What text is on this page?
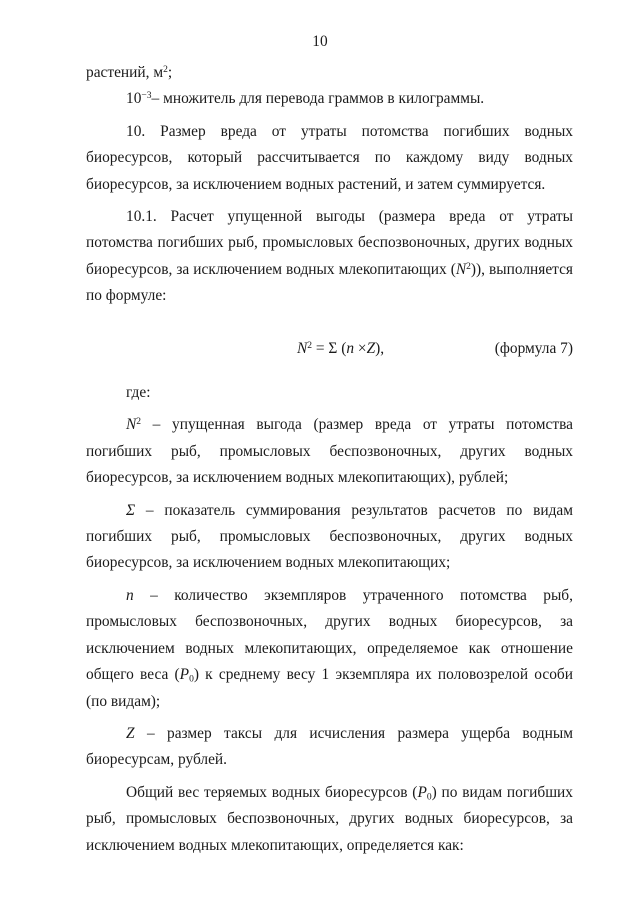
10

растений, $м^2$;

$10^{-3}-$ множитель для перевода граммов в килограммы.

10. Размер вреда от утраты потомства погибших водных биоресурсов, который рассчитывается по каждому виду водных биоресурсов, за исключением водных растений, и затем суммируется.

10.1. Расчет упущенной выгоды (размера вреда от утраты потомства погибших рыб, промысловых беспозвоночных, других водных биоресурсов, за исключением водных млекопитающих $(N^2)$), выполняется по формуле:

$N^2 = \Sigma$ (n ×Z),	(формула 7)

где:

$N^2$ – упущенная выгода (размер вреда от утраты потомства погибших рыб, промысловых беспозвоночных, других водных биоресурсов, за исключением водных млекопитающих), рублей;

Σ – показатель суммирования результатов расчетов по видам погибших рыб, промысловых беспозвоночных, других водных биоресурсов, за исключением водных млекопитающих;

n – количество экземпляров утраченного потомства рыб, промысловых беспозвоночных, других водных биоресурсов, за исключением водных млекопитающих, определяемое как отношение общего веса $(P_0)$ к среднему весу 1 экземпляра их половозрелой особи (по видам);

Z – размер таксы для исчисления размера ущерба водным биоресурсам, рублей.

Общий вес теряемых водных биоресурсов $(P_0)$ по видам погибших рыб, промысловых беспозвоночных, других водных биоресурсов, за исключением водных млекопитающих, определяется как:
